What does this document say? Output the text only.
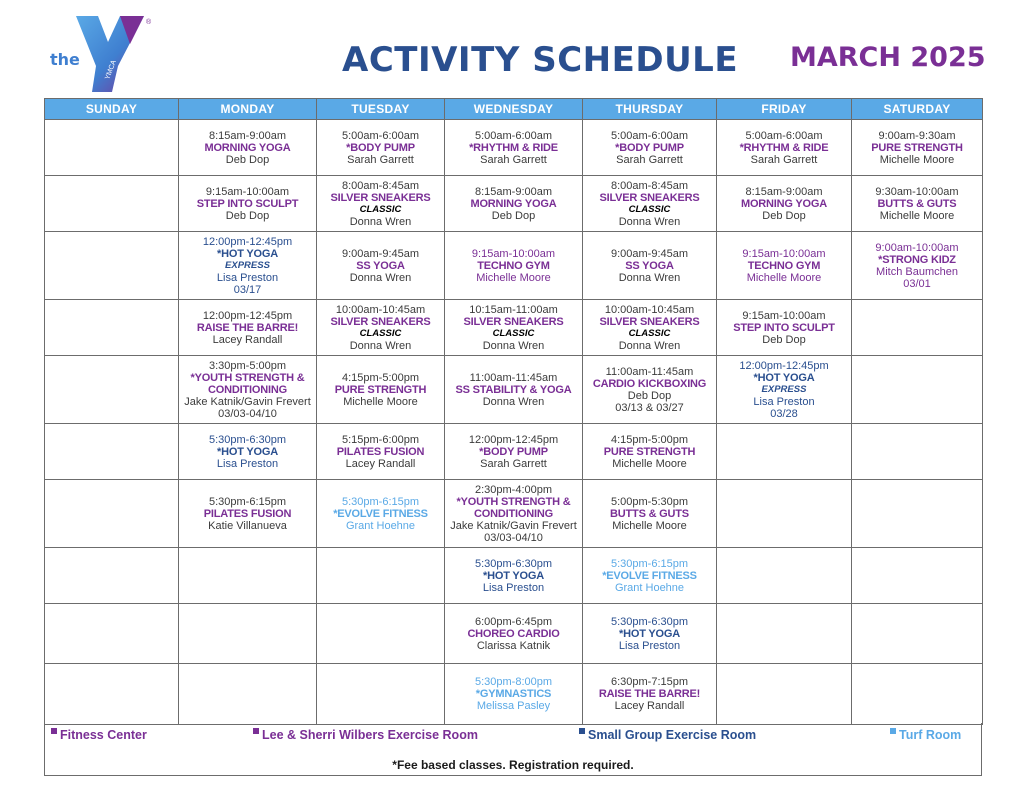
YMCA
®
the	ACTIVITY SCHEDULE MARCH 2025
SUNDAY	MONDAY	TUESDAY	WEDNESDAY	THURSDAY	FRIDAY	SATURDAY

	8:15am-9:00am
MORNING YOGA
Deb Dop	5:00am-6:00am
*BODY PUMP
Sarah Garrett	5:00am-6:00am
*RHYTHM & RIDE
Sarah Garrett	5:00am-6:00am
*BODY PUMP
Sarah Garrett	5:00am-6:00am
*RHYTHM & RIDE
Sarah Garrett	9:00am-9:30am
PURE STRENGTH
Michelle Moore

	9:15am-10:00am
STEP INTO SCULPT
Deb Dop	8:00am-8:45am
SILVER SNEAKERS
CLASSIC
Donna Wren	8:15am-9:00am
MORNING YOGA
Deb Dop	8:00am-8:45am
SILVER SNEAKERS
CLASSIC
Donna Wren	8:15am-9:00am
MORNING YOGA
Deb Dop	9:30am-10:00am
BUTTS & GUTS
Michelle Moore

	12:00pm-12:45pm
*HOT YOGA
EXPRESS
Lisa Preston
03/17	9:00am-9:45am
SS YOGA
Donna Wren	9:15am-10:00am
TECHNO GYM
Michelle Moore	9:00am-9:45am
SS YOGA
Donna Wren	9:15am-10:00am
TECHNO GYM
Michelle Moore	9:00am-10:00am
*STRONG KIDZ
Mitch Baumchen
03/01

	12:00pm-12:45pm
RAISE THE BARRE!
Lacey Randall	10:00am-10:45am
SILVER SNEAKERS
CLASSIC
Donna Wren	10:15am-11:00am
SILVER SNEAKERS
CLASSIC
Donna Wren	10:00am-10:45am
SILVER SNEAKERS
CLASSIC
Donna Wren	9:15am-10:00am
STEP INTO SCULPT
Deb Dop	

	3:30pm-5:00pm
*YOUTH STRENGTH & CONDITIONING
Jake Katnik/Gavin Frevert
03/03-04/10	4:15pm-5:00pm
PURE STRENGTH
Michelle Moore	11:00am-11:45am
SS STABILITY & YOGA
Donna Wren	11:00am-11:45am
CARDIO KICKBOXING
Deb Dop
03/13 & 03/27	12:00pm-12:45pm
*HOT YOGA
EXPRESS
Lisa Preston
03/28	

	5:30pm-6:30pm
*HOT YOGA
Lisa Preston	5:15pm-6:00pm
PILATES FUSION
Lacey Randall	12:00pm-12:45pm
*BODY PUMP
Sarah Garrett	4:15pm-5:00pm
PURE STRENGTH
Michelle Moore		

	5:30pm-6:15pm
PILATES FUSION
Katie Villanueva	5:30pm-6:15pm
*EVOLVE FITNESS
Grant Hoehne	2:30pm-4:00pm
*YOUTH STRENGTH & CONDITIONING
Jake Katnik/Gavin Frevert
03/03-04/10	5:00pm-5:30pm
BUTTS & GUTS
Michelle Moore		

			5:30pm-6:30pm
*HOT YOGA
Lisa Preston	5:30pm-6:15pm
*EVOLVE FITNESS
Grant Hoehne		

			6:00pm-6:45pm
CHOREO CARDIO
Clarissa Katnik	5:30pm-6:30pm
*HOT YOGA
Lisa Preston		

			5:30pm-8:00pm
*GYMNASTICS
Melissa Pasley	6:30pm-7:15pm
RAISE THE BARRE!
Lacey Randall		

Fitness Center	Lee & Sherri Wilbers Exercise Room	Small Group Exercise Room	Turf Room
*Fee based classes. Registration required.
